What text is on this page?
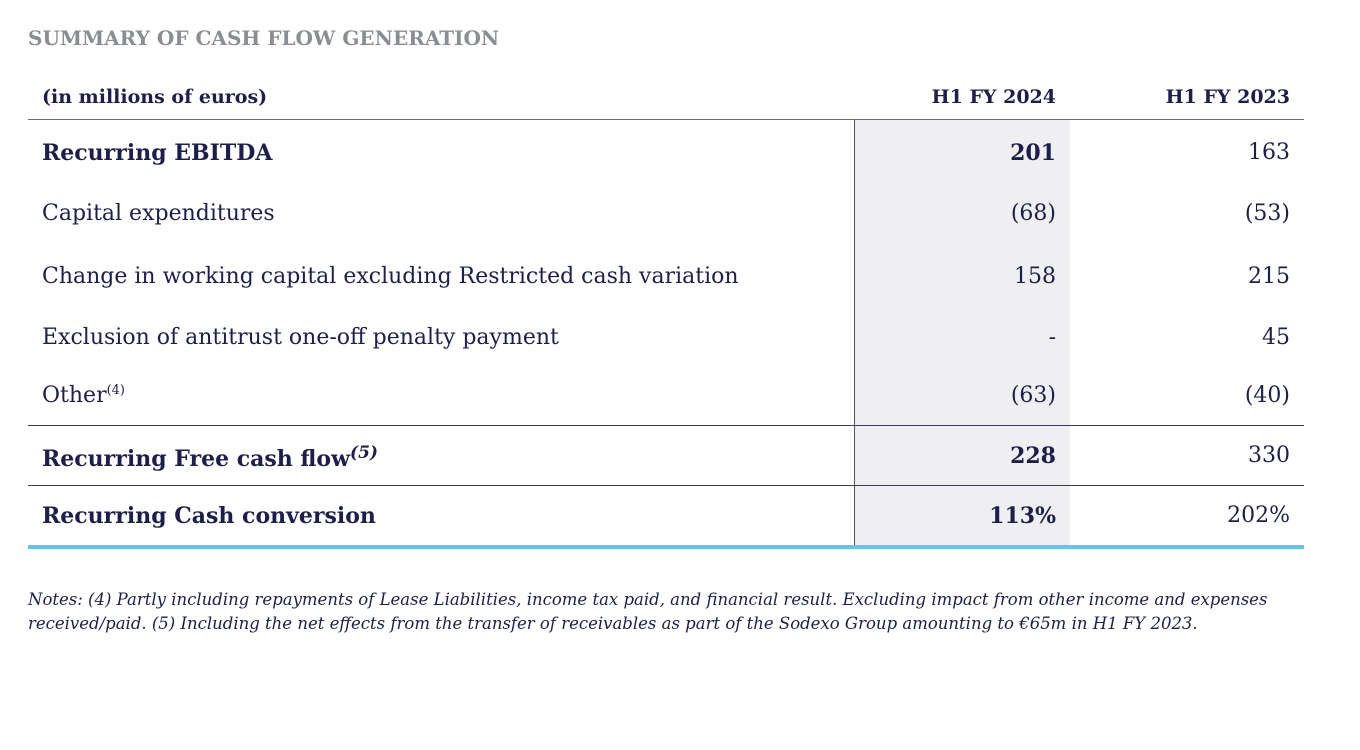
SUMMARY OF CASH FLOW GENERATION
(in millions of euros)	H1 FY 2024	H1 FY 2023
Recurring EBITDA	201	163
Capital expenditures	(68)	(53)
Change in working capital excluding Restricted cash variation	158	215
Exclusion of antitrust one-off penalty payment	-	45
Other$^{(4)}$	(63)	(40)
Recurring Free cash flow$^{(5)}$	228	330
Recurring Cash conversion	113%	202%
Notes: (4) Partly including repayments of Lease Liabilities, income tax paid, and financial result. Excluding impact from other income and expenses
received/paid. (5) Including the net effects from the transfer of receivables as part of the Sodexo Group amounting to €65m in H1 FY 2023.
